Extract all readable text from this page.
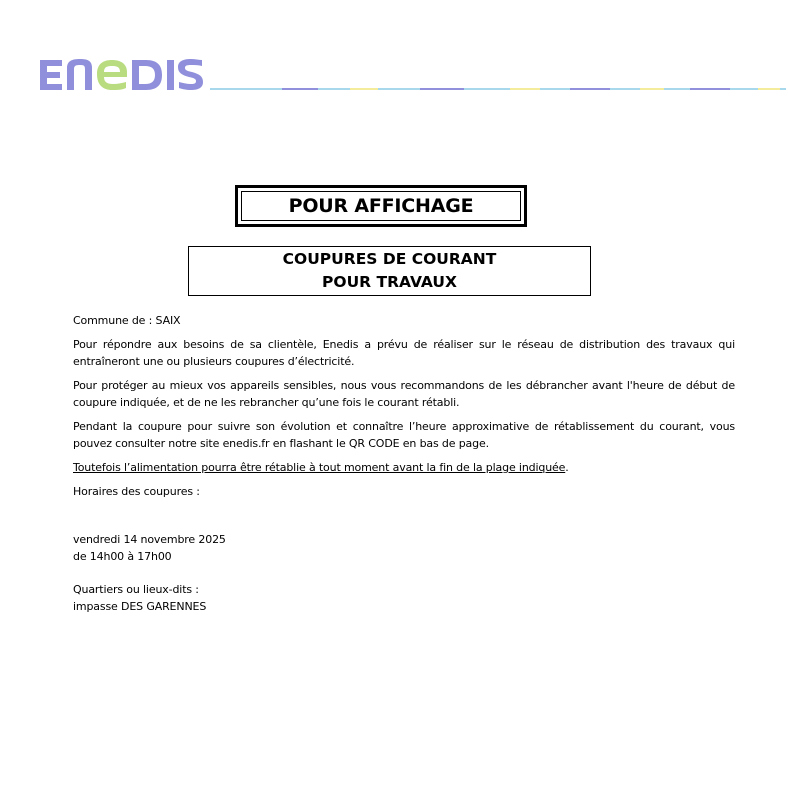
POUR AFFICHAGE
COUPURES DE COURANT
POUR TRAVAUX

Commune de : SAIX

Pour répondre aux besoins de sa clientèle, Enedis a prévu de réaliser sur le réseau de distribution des travaux qui entraîneront une ou plusieurs coupures d’électricité.

Pour protéger au mieux vos appareils sensibles, nous vous recommandons de les débrancher avant l'heure de début de coupure indiquée, et de ne les rebrancher qu’une fois le courant rétabli.

Pendant la coupure pour suivre son évolution et connaître l’heure approximative de rétablissement du courant, vous pouvez consulter notre site enedis.fr en flashant le QR CODE en bas de page.

Toutefois l’alimentation pourra être rétablie à tout moment avant la fin de la plage indiquée.

Horaires des coupures :

vendredi 14 novembre 2025

de 14h00 à 17h00

Quartiers ou lieux-dits :

impasse DES GARENNES
